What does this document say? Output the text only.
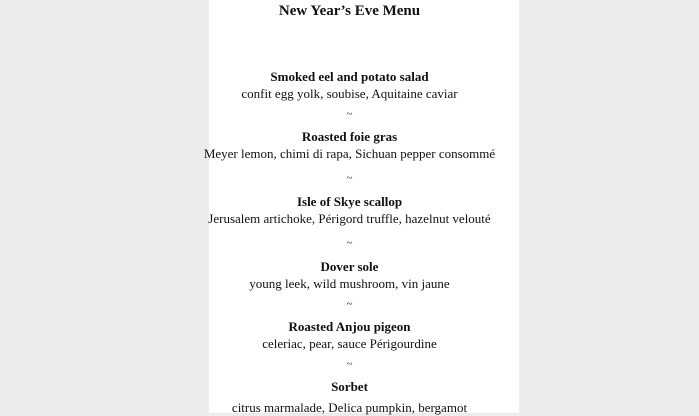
New Year’s Eve Menu
Smoked eel and potato salad
confit egg yolk, soubise, Aquitaine caviar
~
Roasted foie gras
Meyer lemon, chimi di rapa, Sichuan pepper consommé
~
Isle of Skye scallop
Jerusalem artichoke, Périgord truffle, hazelnut velouté
~
Dover sole
young leek, wild mushroom, vin jaune
~
Roasted Anjou pigeon
celeriac, pear, sauce Périgourdine
~
Sorbet
citrus marmalade, Delica pumpkin, bergamot
